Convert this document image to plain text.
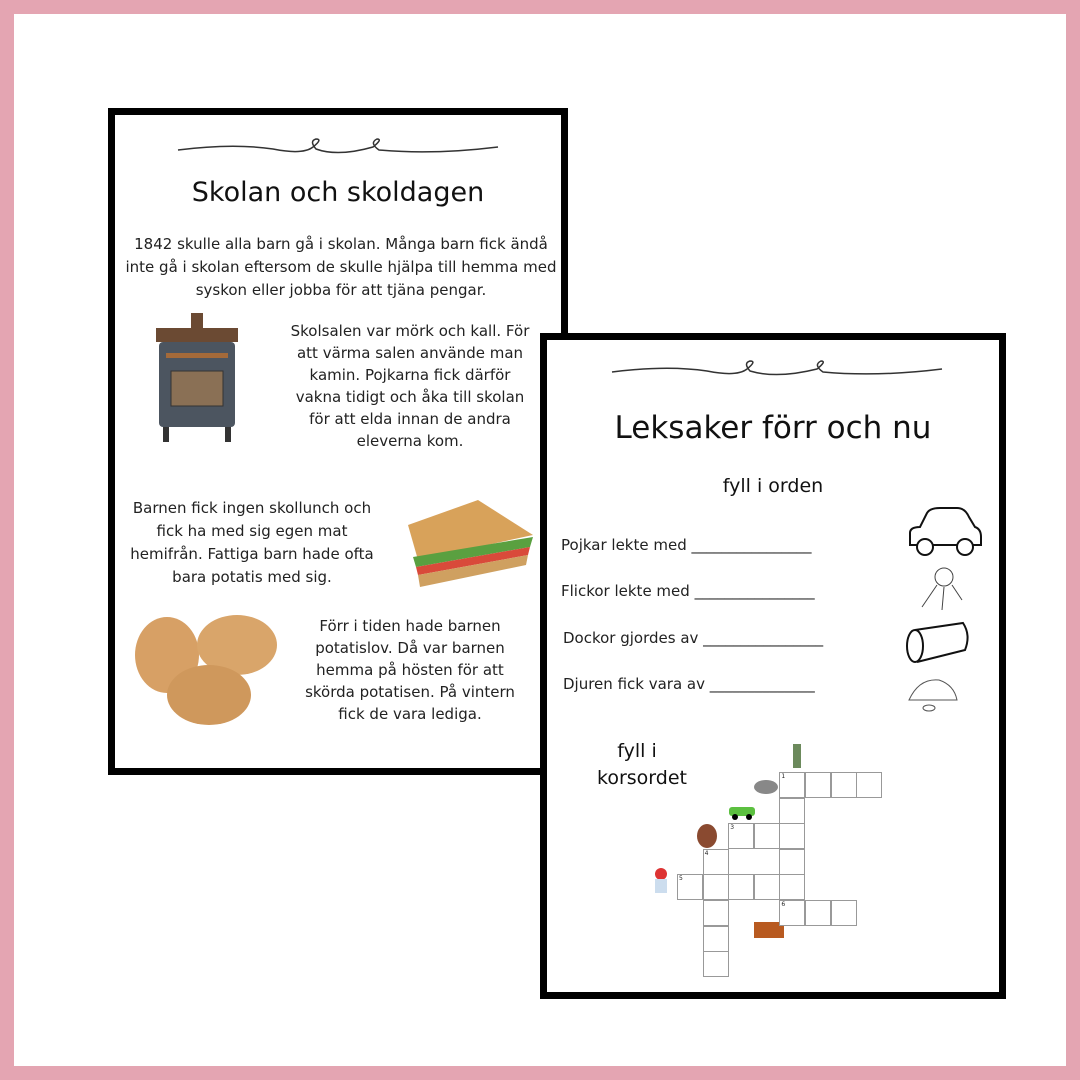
Skolan och skoldagen
1842 skulle alla barn gå i skolan. Många barn fick ändå inte gå i skolan eftersom de skulle hjälpa till hemma med syskon eller jobba för att tjäna pengar.
Skolsalen var mörk och kall. För att värma salen använde man kamin. Pojkarna fick därför vakna tidigt och åka till skolan för att elda innan de andra eleverna kom.
Barnen fick ingen skollunch och fick ha med sig egen mat hemifrån. Fattiga barn hade ofta bara potatis med sig.
Förr i tiden hade barnen potatislov. Då var barnen hemma på hösten för att skörda potatisen. På vintern fick de vara lediga.
Leksaker förr och nu
fyll i orden
Pojkar lekte med ________________
Flickor lekte med ________________
Dockor gjordes av ________________
Djuren fick vara av ______________
fyll i
korsordet	1
3
4
5
6
